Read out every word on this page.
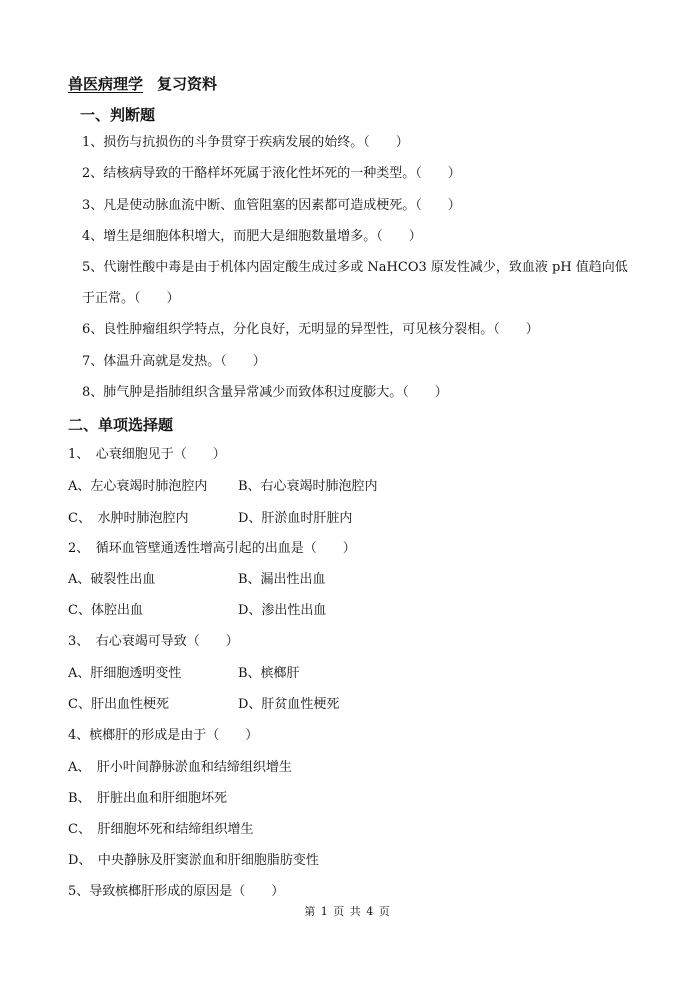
兽医病理学 复习资料
一、判断题
1、损伤与抗损伤的斗争贯穿于疾病发展的始终。（　　）
2、结核病导致的干酪样坏死属于液化性坏死的一种类型。（　　）
3、凡是使动脉血流中断、血管阻塞的因素都可造成梗死。（　　）
4、增生是细胞体积增大，而肥大是细胞数量增多。（　　）
5、代谢性酸中毒是由于机体内固定酸生成过多或 NaHCO3 原发性减少，致血液 pH 值趋向低
于正常。（　　）
6、良性肿瘤组织学特点，分化良好，无明显的异型性，可见核分裂相。（　　）
7、体温升高就是发热。（　　）
8、肺气肿是指肺组织含量异常减少而致体积过度膨大。（　　）
二、单项选择题
1、　心衰细胞见于（　　）
A、左心衰竭时肺泡腔内 B、右心衰竭时肺泡腔内
C、　水肿时肺泡腔内	D、肝淤血时肝脏内
2、　循环血管壁通透性增高引起的出血是（　　）
A、破裂性出血	B、漏出性出血
C、体腔出血	D、渗出性出血
3、　右心衰竭可导致（　　）
A、肝细胞透明变性	B、槟榔肝
C、肝出血性梗死	D、肝贫血性梗死
4、槟榔肝的形成是由于（　　）
A、　肝小叶间静脉淤血和结缔组织增生
B、　肝脏出血和肝细胞坏死
C、　肝细胞坏死和结缔组织增生
D、　中央静脉及肝窦淤血和肝细胞脂肪变性
5、导致槟榔肝形成的原因是（　　）
第 1 页 共 4 页
